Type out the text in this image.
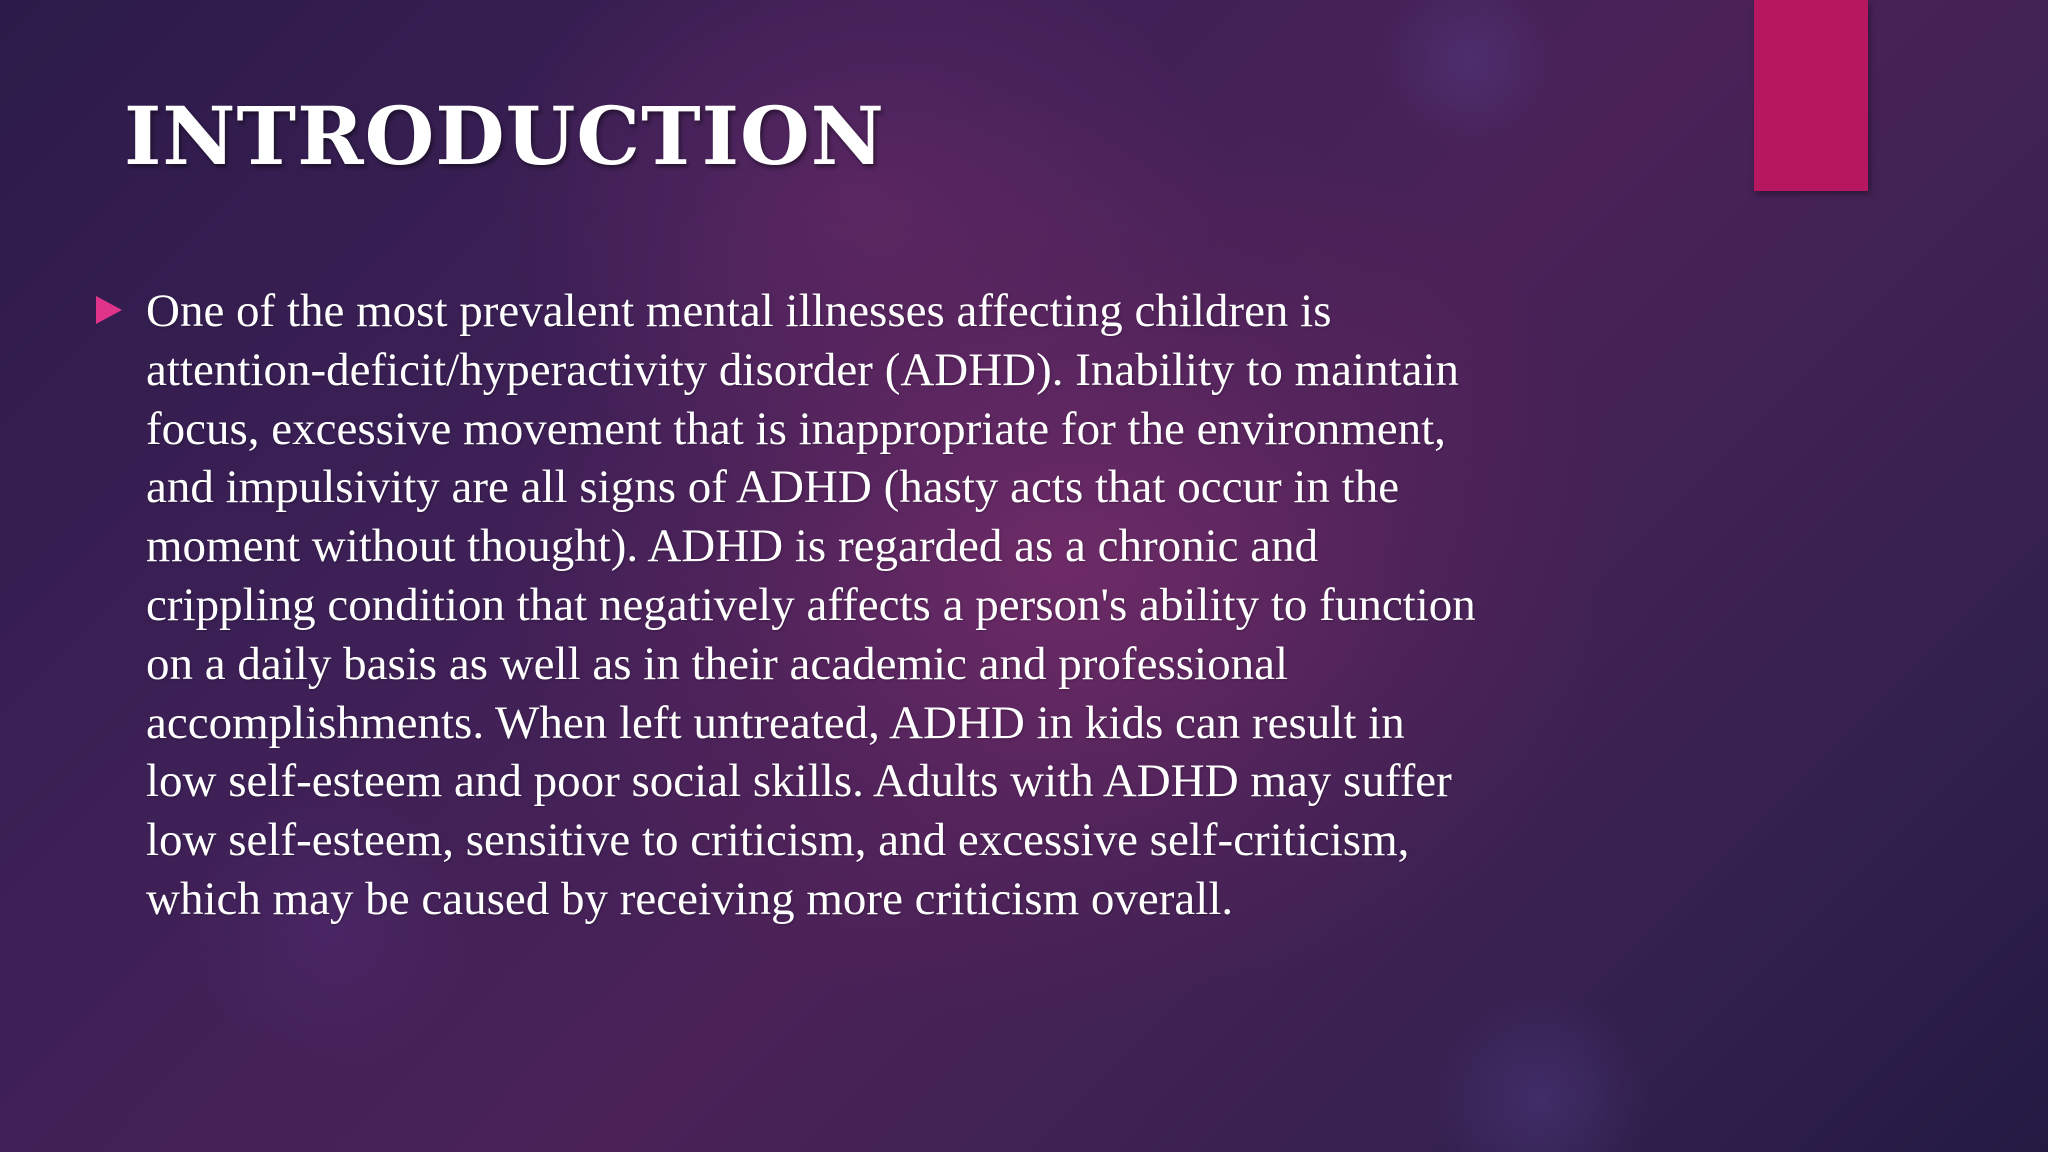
INTRODUCTION

One of the most prevalent mental illnesses affecting children is
attention-deficit/hyperactivity disorder (ADHD). Inability to maintain
focus, excessive movement that is inappropriate for the environment,
and impulsivity are all signs of ADHD (hasty acts that occur in the
moment without thought). ADHD is regarded as a chronic and
crippling condition that negatively affects a person's ability to function
on a daily basis as well as in their academic and professional
accomplishments. When left untreated, ADHD in kids can result in
low self-esteem and poor social skills. Adults with ADHD may suffer
low self-esteem, sensitive to criticism, and excessive self-criticism,
which may be caused by receiving more criticism overall.
